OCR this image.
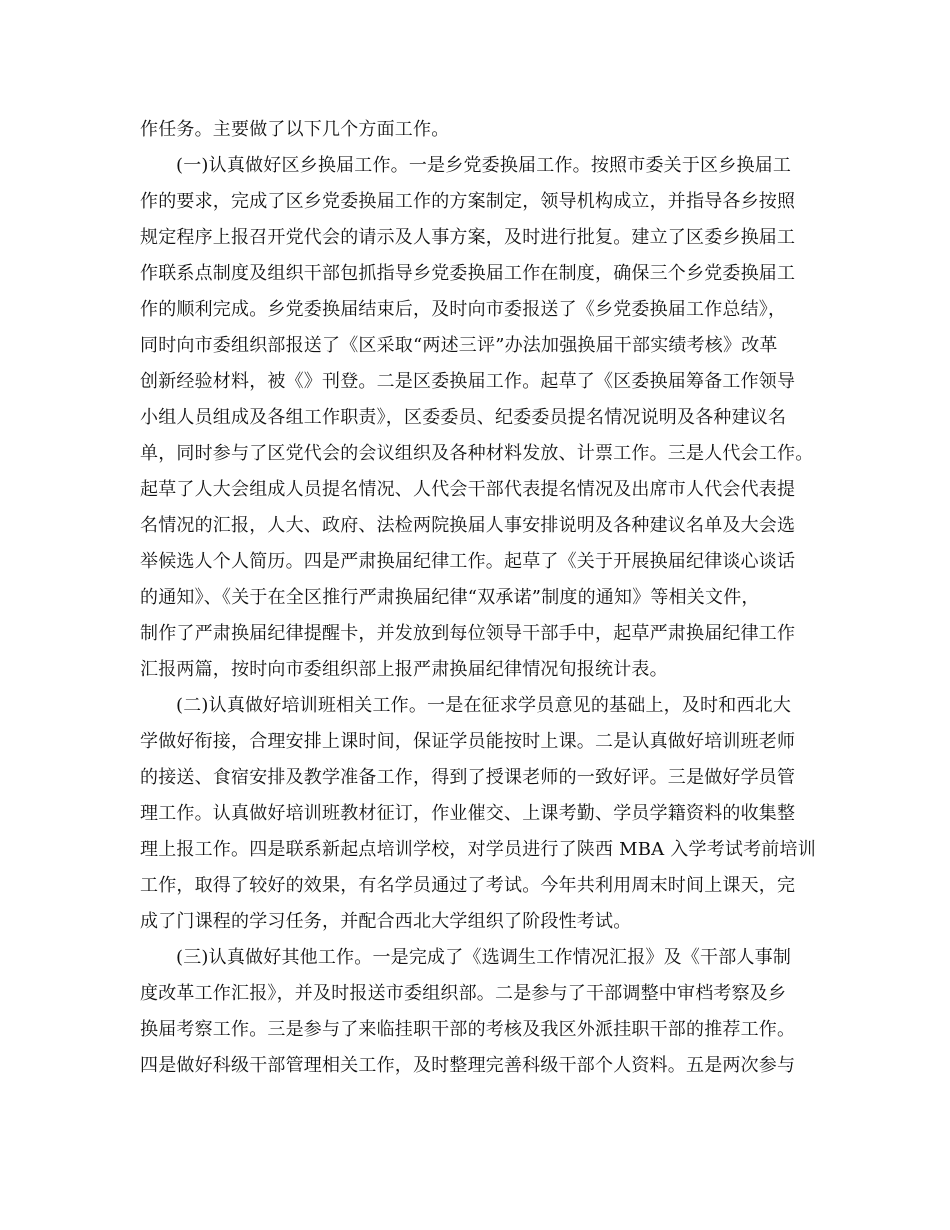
作任务。主要做了以下几个方面工作。
(一)认真做好区乡换届工作。一是乡党委换届工作。按照市委关于区乡换届工
作的要求，完成了区乡党委换届工作的方案制定，领导机构成立，并指导各乡按照
规定程序上报召开党代会的请示及人事方案，及时进行批复。建立了区委乡换届工
作联系点制度及组织干部包抓指导乡党委换届工作在制度，确保三个乡党委换届工
作的顺利完成。乡党委换届结束后，及时向市委报送了《乡党委换届工作总结》，
同时向市委组织部报送了《区采取“两述三评”办法加强换届干部实绩考核》改革
创新经验材料，被《》刊登。二是区委换届工作。起草了《区委换届筹备工作领导
小组人员组成及各组工作职责》，区委委员、纪委委员提名情况说明及各种建议名
单，同时参与了区党代会的会议组织及各种材料发放、计票工作。三是人代会工作。
起草了人大会组成人员提名情况、人代会干部代表提名情况及出席市人代会代表提
名情况的汇报，人大、政府、法检两院换届人事安排说明及各种建议名单及大会选
举候选人个人简历。四是严肃换届纪律工作。起草了《关于开展换届纪律谈心谈话
的通知》、《关于在全区推行严肃换届纪律“双承诺”制度的通知》等相关文件，
制作了严肃换届纪律提醒卡，并发放到每位领导干部手中，起草严肃换届纪律工作
汇报两篇，按时向市委组织部上报严肃换届纪律情况旬报统计表。
(二)认真做好培训班相关工作。一是在征求学员意见的基础上，及时和西北大
学做好衔接，合理安排上课时间，保证学员能按时上课。二是认真做好培训班老师
的接送、食宿安排及教学准备工作，得到了授课老师的一致好评。三是做好学员管
理工作。认真做好培训班教材征订，作业催交、上课考勤、学员学籍资料的收集整
理上报工作。四是联系新起点培训学校，对学员进行了陕西 MBA 入学考试考前培训
工作，取得了较好的效果，有名学员通过了考试。今年共利用周末时间上课天，完
成了门课程的学习任务，并配合西北大学组织了阶段性考试。
(三)认真做好其他工作。一是完成了《选调生工作情况汇报》及《干部人事制
度改革工作汇报》，并及时报送市委组织部。二是参与了干部调整中审档考察及乡
换届考察工作。三是参与了来临挂职干部的考核及我区外派挂职干部的推荐工作。
四是做好科级干部管理相关工作，及时整理完善科级干部个人资料。五是两次参与
